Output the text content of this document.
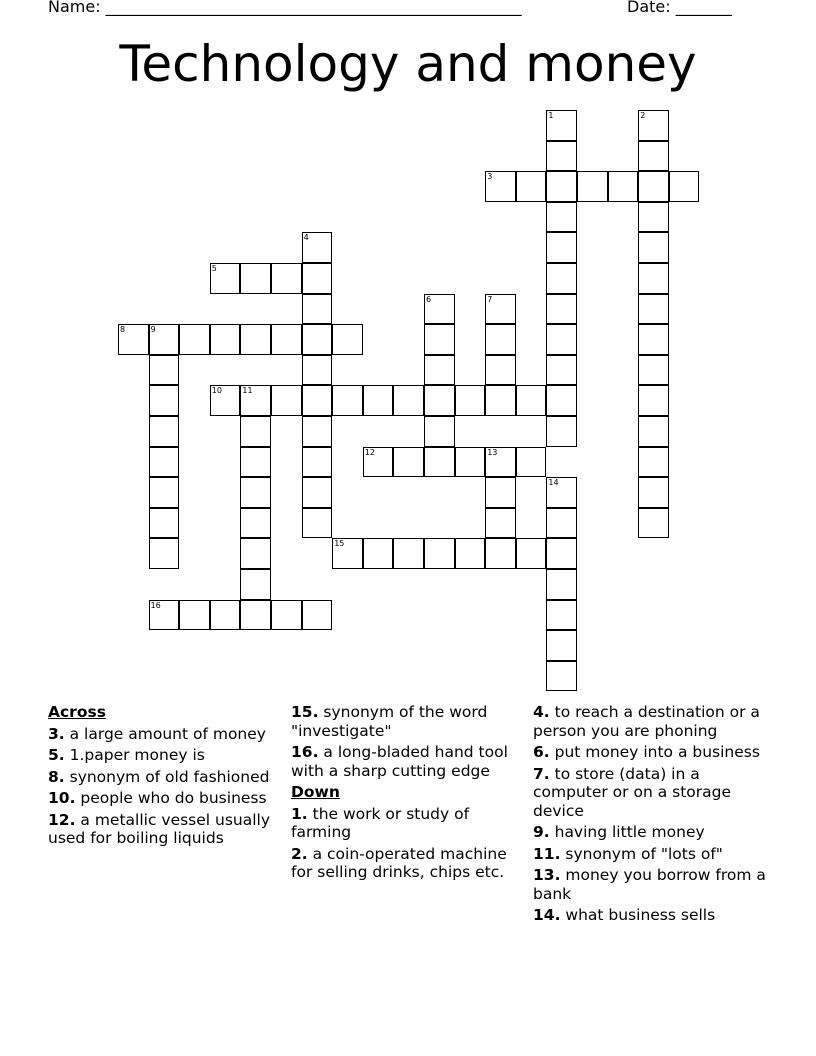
Name: ____________________________________________________	Date: _______
Technology and money
1	2
3
4
5
6	7
8	9
10	11
12	13
14
15
16
Across
3. a large amount of money
5. 1.paper money is
8. synonym of old fashioned
10. people who do business
12. a metallic vessel usually used for boiling liquids
15. synonym of the word "investigate"
16. a long-bladed hand tool with a sharp cutting edge
Down
1. the work or study of farming
2. a coin-operated machine for selling drinks, chips etc.
4. to reach a destination or a person you are phoning
6. put money into a business
7. to store (data) in a computer or on a storage device
9. having little money
11. synonym of "lots of"
13. money you borrow from a bank
14. what business sells
